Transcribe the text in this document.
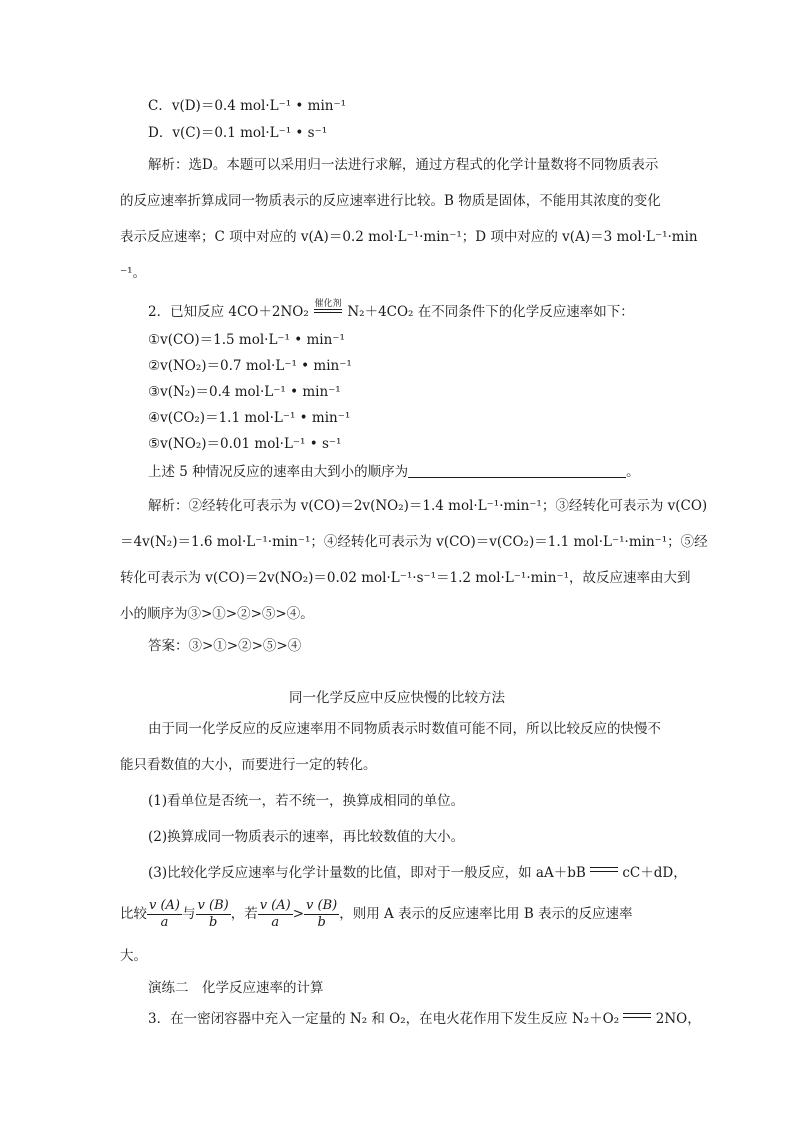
C．v(D)＝0.4 mol·L⁻¹ • min⁻¹
D．v(C)＝0.1 mol·L⁻¹ • s⁻¹
解析：选D。本题可以采用归一法进行求解，通过方程式的化学计量数将不同物质表示
的反应速率折算成同一物质表示的反应速率进行比较。B 物质是固体，不能用其浓度的变化
表示反应速率；C 项中对应的 v(A)＝0.2 mol·L⁻¹·min⁻¹；D 项中对应的 v(A)＝3 mol·L⁻¹·min
⁻¹。
2．已知反应 4CO＋2NO₂ 催化剂 N₂＋4CO₂ 在不同条件下的化学反应速率如下：
①v(CO)＝1.5 mol·L⁻¹ • min⁻¹
②v(NO₂)＝0.7 mol·L⁻¹ • min⁻¹
③v(N₂)＝0.4 mol·L⁻¹ • min⁻¹
④v(CO₂)＝1.1 mol·L⁻¹ • min⁻¹
⑤v(NO₂)＝0.01 mol·L⁻¹ • s⁻¹
上述 5 种情况反应的速率由大到小的顺序为	。
解析：②经转化可表示为 v(CO)＝2v(NO₂)＝1.4 mol·L⁻¹·min⁻¹；③经转化可表示为 v(CO)
＝4v(N₂)＝1.6 mol·L⁻¹·min⁻¹；④经转化可表示为 v(CO)＝v(CO₂)＝1.1 mol·L⁻¹·min⁻¹；⑤经
转化可表示为 v(CO)＝2v(NO₂)＝0.02 mol·L⁻¹·s⁻¹＝1.2 mol·L⁻¹·min⁻¹，故反应速率由大到
小的顺序为③>①>②>⑤>④。
答案：③>①>②>⑤>④
同一化学反应中反应快慢的比较方法
由于同一化学反应的反应速率用不同物质表示时数值可能不同，所以比较反应的快慢不
能只看数值的大小，而要进行一定的转化。
(1)看单位是否统一，若不统一，换算成相同的单位。
(2)换算成同一物质表示的速率，再比较数值的大小。
(3)比较化学反应速率与化学计量数的比值，即对于一般反应，如 aA＋bB	cC＋dD，
比较 $\frac{v (A)}{a}$ 与 $\frac{v (B)}{b}$ ，若 $\frac{v (A)}{a} > \frac{v (B)}{b}$ ，则用 A 表示的反应速率比用 B 表示的反应速率
大。
演练二　化学反应速率的计算
3．在一密闭容器中充入一定量的 N₂ 和 O₂，在电火花作用下发生反应 N₂＋O₂	2NO，
